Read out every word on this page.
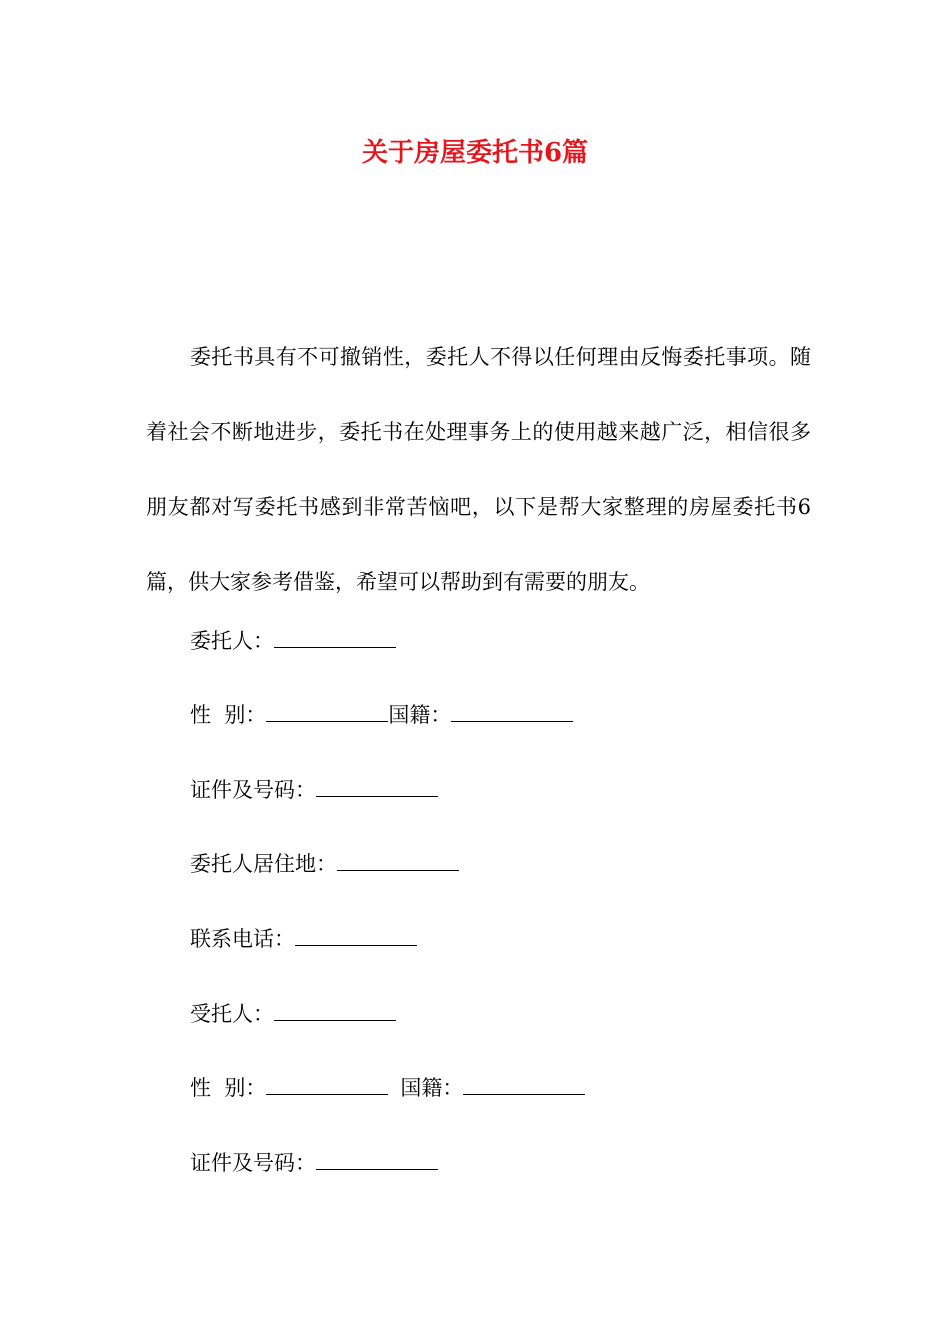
关于房屋委托书6篇

委托书具有不可撤销性，委托人不得以任何理由反悔委托事项。随着社会不断地进步，委托书在处理事务上的使用越来越广泛，相信很多朋友都对写委托书感到非常苦恼吧，以下是帮大家整理的房屋委托书6篇，供大家参考借鉴，希望可以帮助到有需要的朋友。

委托人：
性  别：	国籍：
证件及号码：
委托人居住地：
联系电话：
受托人：
性  别：	国籍：
证件及号码：
